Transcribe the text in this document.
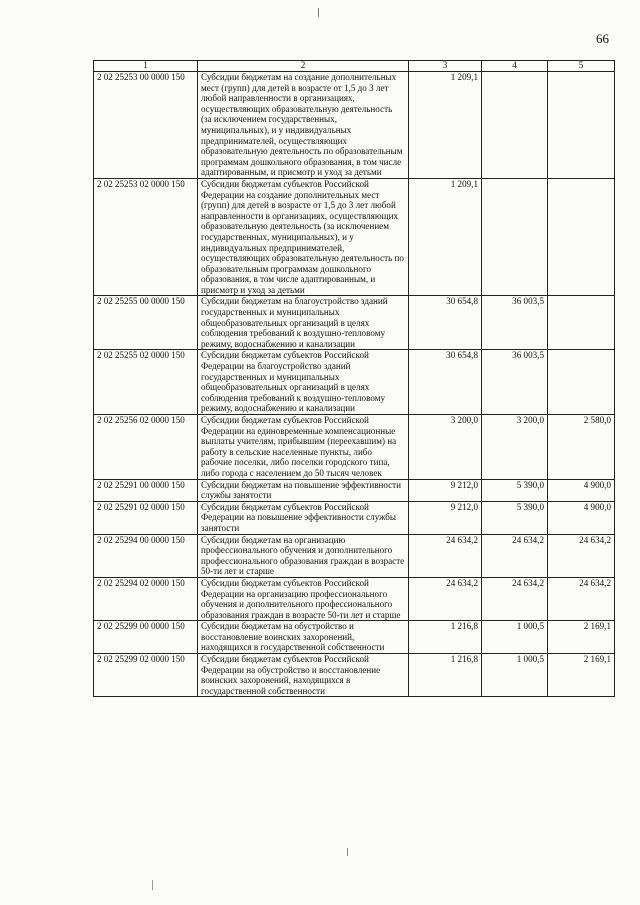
66
1	2	3	4	5
2 02 25253 00 0000 150	Субсидии бюджетам на создание дополнительных мест (групп) для детей в возрасте от 1,5 до 3 лет любой направленности в организациях, осуществляющих образовательную деятельность (за исключением государственных, муниципальных), и у индивидуальных предпринимателей, осуществляющих образовательную деятельность по образовательным программам дошкольного образования, в том числе адаптированным, и присмотр и уход за детьми	1 209,1		
2 02 25253 02 0000 150	Субсидии бюджетам субъектов Российской Федерации на создание дополнительных мест (групп) для детей в возрасте от 1,5 до 3 лет любой направленности в организациях, осуществляющих образовательную деятельность (за исключением государственных, муниципальных), и у индивидуальных предпринимателей, осуществляющих образовательную деятельность по образовательным программам дошкольного образования, в том числе адаптированным, и присмотр и уход за детьми	1 209,1		
2 02 25255 00 0000 150	Субсидии бюджетам на благоустройство зданий государственных и муниципальных общеобразовательных организаций в целях соблюдения требований к воздушно-тепловому режиму, водоснабжению и канализации	30 654,8	36 003,5	
2 02 25255 02 0000 150	Субсидии бюджетам субъектов Российской Федерации на благоустройство зданий государственных и муниципальных общеобразовательных организаций в целях соблюдения требований к воздушно-тепловому режиму, водоснабжению и канализации	30 654,8	36 003,5	
2 02 25256 02 0000 150	Субсидии бюджетам субъектов Российской Федерации на единовременные компенсационные выплаты учителям, прибывшим (переехавшим) на работу в сельские населенные пункты, либо рабочие поселки, либо поселки городского типа, либо города с населением до 50 тысяч человек	3 200,0	3 200,0	2 580,0
2 02 25291 00 0000 150	Субсидии бюджетам на повышение эффективности службы занятости	9 212,0	5 390,0	4 900,0
2 02 25291 02 0000 150	Субсидии бюджетам субъектов Российской Федерации на повышение эффективности службы занятости	9 212,0	5 390,0	4 900,0
2 02 25294 00 0000 150	Субсидии бюджетам на организацию профессионального обучения и дополнительного профессионального образования граждан в возрасте 50-ти лет и старше	24 634,2	24 634,2	24 634,2
2 02 25294 02 0000 150	Субсидии бюджетам субъектов Российской Федерации на организацию профессионального обучения и дополнительного профессионального образования граждан в возрасте 50-ти лет и старше	24 634,2	24 634,2	24 634,2
2 02 25299 00 0000 150	Субсидии бюджетам на обустройство и восстановление воинских захоронений, находящихся в государственной собственности	1 216,8	1 000,5	2 169,1
2 02 25299 02 0000 150	Субсидии бюджетам субъектов Российской Федерации на обустройство и восстановление воинских захоронений, находящихся в государственной собственности	1 216,8	1 000,5	2 169,1
